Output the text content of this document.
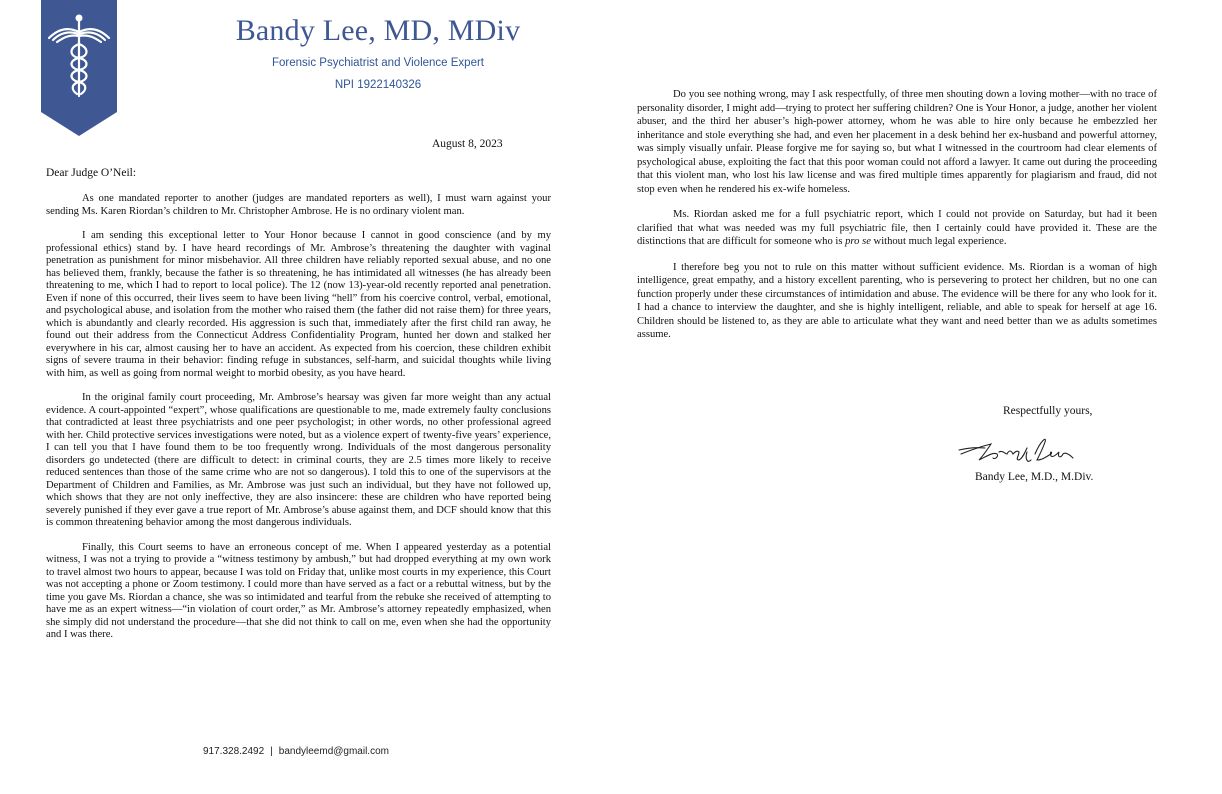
Bandy Lee, MD, MDiv
Forensic Psychiatrist and Violence Expert
NPI 1922140326
August 8, 2023
Dear Judge O’Neil:

As one mandated reporter to another (judges are mandated reporters as well), I must warn against your sending Ms. Karen Riordan’s children to Mr. Christopher Ambrose. He is no ordinary violent man.

I am sending this exceptional letter to Your Honor because I cannot in good conscience (and by my professional ethics) stand by. I have heard recordings of Mr. Ambrose’s threatening the daughter with vaginal penetration as punishment for minor misbehavior. All three children have reliably reported sexual abuse, and no one has believed them, frankly, because the father is so threatening, he has intimidated all witnesses (he has already been threatening to me, which I had to report to local police). The 12 (now 13)-year-old recently reported anal penetration. Even if none of this occurred, their lives seem to have been living “hell” from his coercive control, verbal, emotional, and psychological abuse, and isolation from the mother who raised them (the father did not raise them) for three years, which is abundantly and clearly recorded. His aggression is such that, immediately after the first child ran away, he found out their address from the Connecticut Address Confidentiality Program, hunted her down and stalked her everywhere in his car, almost causing her to have an accident. As expected from his coercion, these children exhibit signs of severe trauma in their behavior: finding refuge in substances, self-harm, and suicidal thoughts while living with him, as well as going from normal weight to morbid obesity, as you have heard.

In the original family court proceeding, Mr. Ambrose’s hearsay was given far more weight than any actual evidence. A court-appointed “expert”, whose qualifications are questionable to me, made extremely faulty conclusions that contradicted at least three psychiatrists and one peer psychologist; in other words, no other professional agreed with her. Child protective services investigations were noted, but as a violence expert of twenty-five years’ experience, I can tell you that I have found them to be too frequently wrong. Individuals of the most dangerous personality disorders go undetected (there are difficult to detect: in criminal courts, they are 2.5 times more likely to receive reduced sentences than those of the same crime who are not so dangerous). I told this to one of the supervisors at the Department of Children and Families, as Mr. Ambrose was just such an individual, but they have not followed up, which shows that they are not only ineffective, they are also insincere: these are children who have reported being severely punished if they ever gave a true report of Mr. Ambrose’s abuse against them, and DCF should know that this is common threatening behavior among the most dangerous individuals.

Finally, this Court seems to have an erroneous concept of me. When I appeared yesterday as a potential witness, I was not a trying to provide a “witness testimony by ambush,” but had dropped everything at my own work to travel almost two hours to appear, because I was told on Friday that, unlike most courts in my experience, this Court was not accepting a phone or Zoom testimony. I could more than have served as a fact or a rebuttal witness, but by the time you gave Ms. Riordan a chance, she was so intimidated and tearful from the rebuke she received of attempting to have me as an expert witness—“in violation of court order,” as Mr. Ambrose’s attorney repeatedly emphasized, when she simply did not understand the procedure—that she did not think to call on me, even when she had the opportunity and I was there.

917.328.2492 | bandyleemd@gmail.com

Do you see nothing wrong, may I ask respectfully, of three men shouting down a loving mother—with no trace of personality disorder, I might add—trying to protect her suffering children? One is Your Honor, a judge, another her violent abuser, and the third her abuser’s high-power attorney, whom he was able to hire only because he embezzled her inheritance and stole everything she had, and even her placement in a desk behind her ex-husband and powerful attorney, was simply visually unfair. Please forgive me for saying so, but what I witnessed in the courtroom had clear elements of psychological abuse, exploiting the fact that this poor woman could not afford a lawyer. It came out during the proceeding that this violent man, who lost his law license and was fired multiple times apparently for plagiarism and fraud, did not stop even when he rendered his ex-wife homeless.

Ms. Riordan asked me for a full psychiatric report, which I could not provide on Saturday, but had it been clarified that what was needed was my full psychiatric file, then I certainly could have provided it. These are the distinctions that are difficult for someone who is pro se without much legal experience.

I therefore beg you not to rule on this matter without sufficient evidence. Ms. Riordan is a woman of high intelligence, great empathy, and a history excellent parenting, who is persevering to protect her children, but no one can function properly under these circumstances of intimidation and abuse. The evidence will be there for any who look for it. I had a chance to interview the daughter, and she is highly intelligent, reliable, and able to speak for herself at age 16. Children should be listened to, as they are able to articulate what they want and need better than we as adults sometimes assume.

Respectfully yours,
Bandy Lee, M.D., M.Div.
